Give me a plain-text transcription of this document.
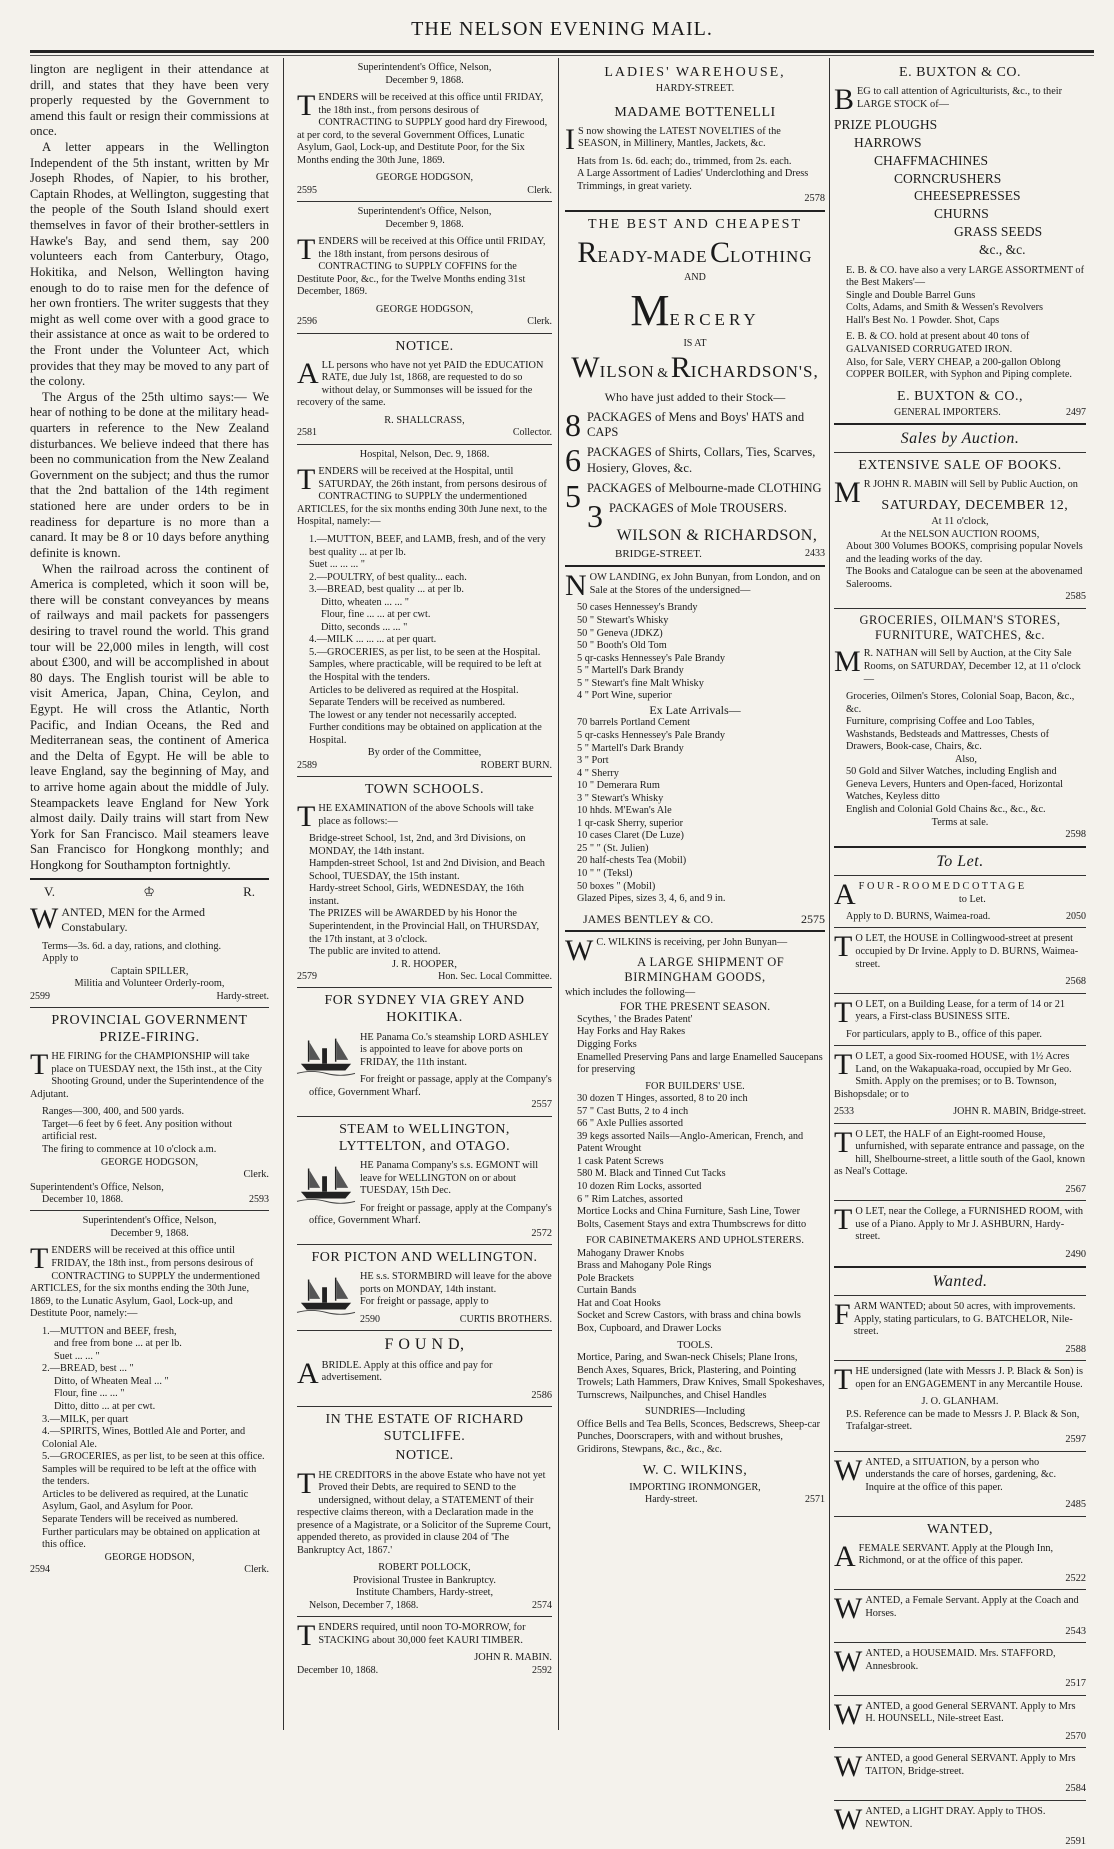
THE NELSON EVENING MAIL.

lington are negligent in their attendance at drill, and states that they have been very properly requested by the Government to amend this fault or resign their commissions at once.

A letter appears in the Wellington Independent of the 5th instant, written by Mr Joseph Rhodes, of Napier, to his brother, Captain Rhodes, at Wellington, suggesting that the people of the South Island should exert themselves in favor of their brother-settlers in Hawke's Bay, and send them, say 200 volunteers each from Canterbury, Otago, Hokitika, and Nelson, Wellington having enough to do to raise men for the defence of her own frontiers. The writer suggests that they might as well come over with a good grace to their assistance at once as wait to be ordered to the Front under the Volunteer Act, which provides that they may be moved to any part of the colony.

The Argus of the 25th ultimo says:— We hear of nothing to be done at the military head-quarters in reference to the New Zealand disturbances. We believe indeed that there has been no communication from the New Zealand Government on the subject; and thus the rumor that the 2nd battalion of the 14th regiment stationed here are under orders to be in readiness for departure is no more than a canard. It may be 8 or 10 days before anything definite is known.

When the railroad across the continent of America is completed, which it soon will be, there will be constant conveyances by means of railways and mail packets for passengers desiring to travel round the world. This grand tour will be 22,000 miles in length, will cost about £300, and will be accomplished in about 80 days. The English tourist will be able to visit America, Japan, China, Ceylon, and Egypt. He will cross the Atlantic, North Pacific, and Indian Oceans, the Red and Mediterranean seas, the continent of America and the Delta of Egypt. He will be able to leave England, say the beginning of May, and to arrive home again about the middle of July. Steampackets leave England for New York almost daily. Daily trains will start from New York for San Francisco. Mail steamers leave San Francisco for Hongkong monthly; and Hongkong for Southampton fortnightly.

V.	♔	R.
W ANTED, MEN for the Armed Constabulary.

Terms—3s. 6d. a day, rations, and clothing.

Apply to

Captain SPILLER,

Militia and Volunteer Orderly-room,

2599	Hardy-street.
PROVINCIAL GOVERNMENT PRIZE-FIRING.
T HE FIRING for the CHAMPIONSHIP will take place on TUESDAY next, the 15th inst., at the City Shooting Ground, under the Superintendence of the Adjutant.

Ranges—300, 400, and 500 yards.

Target—6 feet by 6 feet. Any position without artificial rest.

The firing to commence at 10 o'clock a.m.

GEORGE HODGSON,

Clerk.

Superintendent's Office, Nelson,

December 10, 1868.	2593

Superintendent's Office, Nelson,

December 9, 1868.

T ENDERS will be received at this office until FRIDAY, the 18th inst., from persons desirous of CONTRACTING to SUPPLY the undermentioned ARTICLES, for the six months ending the 30th June, 1869, to the Lunatic Asylum, Gaol, Lock-up, and Destitute Poor, namely:—

1.—MUTTON and BEEF, fresh,

and free from bone ... at per lb.

Suet ... ... "

2.—BREAD, best ... "

Ditto, of Wheaten Meal ... "

Flour, fine ... ... "

Ditto, ditto ... at per cwt.

3.—MILK, per quart

4.—SPIRITS, Wines, Bottled Ale and Porter, and Colonial Ale.

5.—GROCERIES, as per list, to be seen at this office.

Samples will be required to be left at the office with the tenders.

Articles to be delivered as required, at the Lunatic Asylum, Gaol, and Asylum for Poor.

Separate Tenders will be received as numbered. Further particulars may be obtained on application at this office.

GEORGE HODSON,

2594	Clerk.

Superintendent's Office, Nelson,

December 9, 1868.

T ENDERS will be received at this office until FRIDAY, the 18th inst., from persons desirous of CONTRACTING to SUPPLY good hard dry Firewood, at per cord, to the several Government Offices, Lunatic Asylum, Gaol, Lock-up, and Destitute Poor, for the Six Months ending the 30th June, 1869.

GEORGE HODGSON,

2595	Clerk.

Superintendent's Office, Nelson,

December 9, 1868.

T ENDERS will be received at this Office until FRIDAY, the 18th instant, from persons desirous of CONTRACTING to SUPPLY COFFINS for the Destitute Poor, &c., for the Twelve Months ending 31st December, 1869.

GEORGE HODGSON,

2596	Clerk.
NOTICE.
A LL persons who have not yet PAID the EDUCATION RATE, due July 1st, 1868, are requested to do so without delay, or Summonses will be issued for the recovery of the same.

R. SHALLCRASS,

2581	Collector.

Hospital, Nelson, Dec. 9, 1868.

T ENDERS will be received at the Hospital, until SATURDAY, the 26th instant, from persons desirous of CONTRACTING to SUPPLY the undermentioned ARTICLES, for the six months ending 30th June next, to the Hospital, namely:—

1.—MUTTON, BEEF, and LAMB, fresh, and of the very best quality ... at per lb.

Suet ... ... ... "

2.—POULTRY, of best quality... each.

3.—BREAD, best quality ... at per lb.

Ditto, wheaten ... ... "

Flour, fine ... ... at per cwt.

Ditto, seconds ... ... "

4.—MILK ... ... ... at per quart.

5.—GROCERIES, as per list, to be seen at the Hospital.

Samples, where practicable, will be required to be left at the Hospital with the tenders.

Articles to be delivered as required at the Hospital.

Separate Tenders will be received as numbered.

The lowest or any tender not necessarily accepted.

Further conditions may be obtained on application at the Hospital.

By order of the Committee,

2589	ROBERT BURN.
TOWN SCHOOLS.
T HE EXAMINATION of the above Schools will take place as follows:—

Bridge-street School, 1st, 2nd, and 3rd Divisions, on MONDAY, the 14th instant.

Hampden-street School, 1st and 2nd Division, and Beach School, TUESDAY, the 15th instant.

Hardy-street School, Girls, WEDNESDAY, the 16th instant.

The PRIZES will be AWARDED by his Honor the Superintendent, in the Provincial Hall, on THURSDAY, the 17th instant, at 3 o'clock.

The public are invited to attend.

J. R. HOOPER,

2579	Hon. Sec. Local Committee.
FOR SYDNEY VIA GREY AND HOKITIKA.
HE Panama Co.'s steamship LORD ASHLEY is appointed to leave for above ports on FRIDAY, the 11th instant.

For freight or passage, apply at the Company's office, Government Wharf.

2557

STEAM to WELLINGTON, LYTTELTON, and OTAGO.
HE Panama Company's s.s. EGMONT will leave for WELLINGTON on or about TUESDAY, 15th Dec.

For freight or passage, apply at the Company's office, Government Wharf.

2572

FOR PICTON AND WELLINGTON.
HE s.s. STORMBIRD will leave for the above ports on MONDAY, 14th instant.

For freight or passage, apply to

2590	CURTIS BROTHERS.
F O U N D,
A BRIDLE. Apply at this office and pay for advertisement.

2586

IN THE ESTATE OF RICHARD SUTCLIFFE.
NOTICE.
T HE CREDITORS in the above Estate who have not yet Proved their Debts, are required to SEND to the undersigned, without delay, a STATEMENT of their respective claims thereon, with a Declaration made in the presence of a Magistrate, or a Solicitor of the Supreme Court, appended thereto, as provided in clause 204 of 'The Bankruptcy Act, 1867.'

ROBERT POLLOCK,

Provisional Trustee in Bankruptcy.

Institute Chambers, Hardy-street,

Nelson, December 7, 1868.	2574
T ENDERS required, until noon TO-MORROW, for STACKING about 30,000 feet KAURI TIMBER.

JOHN R. MABIN.

December 10, 1868.	2592
LADIES' WAREHOUSE,

HARDY-STREET.

MADAME BOTTENELLI
I S now showing the LATEST NOVELTIES of the SEASON, in Millinery, Mantles, Jackets, &c.

Hats from 1s. 6d. each; do., trimmed, from 2s. each.

A Large Assortment of Ladies' Underclothing and Dress Trimmings, in great variety.

2578

THE BEST AND CHEAPEST
READY-MADE CLOTHING

AND

MERCERY

IS AT

WILSON & RICHARDSON'S,

Who have just added to their Stock—

8 PACKAGES of Mens and Boys' HATS and CAPS
6 PACKAGES of Shirts, Collars, Ties, Scarves, Hosiery, Gloves, &c.
5 PACKAGES of Melbourne-made CLOTHING
3 PACKAGES of Mole TROUSERS.
WILSON & RICHARDSON,
BRIDGE-STREET.	2433
N OW LANDING, ex John Bunyan, from London, and on Sale at the Stores of the undersigned—

50 cases Hennessey's Brandy

50 " Stewart's Whisky

50 " Geneva (JDKZ)

50 " Booth's Old Tom

5 qr-casks Hennessey's Pale Brandy

5 " Martell's Dark Brandy

5 " Stewart's fine Malt Whisky

4 " Port Wine, superior

Ex Late Arrivals—

70 barrels Portland Cement

5 qr-casks Hennessey's Pale Brandy

5 " Martell's Dark Brandy

3 " Port

4 " Sherry

10 " Demerara Rum

3 " Stewart's Whisky

10 hhds. M'Ewan's Ale

1 qr-cask Sherry, superior

10 cases Claret (De Luze)

25 " " (St. Julien)

20 half-chests Tea (Mobil)

10 " " (Teksl)

50 boxes " (Mobil)

Glazed Pipes, sizes 3, 4, 6, and 9 in.

JAMES BENTLEY & CO.	2575
W C. WILKINS is receiving, per John Bunyan—
A LARGE SHIPMENT OF BIRMINGHAM GOODS,

which includes the following—

FOR THE PRESENT SEASON.

Scythes, ' the Brades Patent'

Hay Forks and Hay Rakes

Digging Forks

Enamelled Preserving Pans and large Enamelled Saucepans for preserving

FOR BUILDERS' USE.

30 dozen T Hinges, assorted, 8 to 20 inch

57 " Cast Butts, 2 to 4 inch

66 " Axle Pullies assorted

39 kegs assorted Nails—Anglo-American, French, and Patent Wrought

1 cask Patent Screws

580 M. Black and Tinned Cut Tacks

10 dozen Rim Locks, assorted

6 " Rim Latches, assorted

Mortice Locks and China Furniture, Sash Line, Tower Bolts, Casement Stays and extra Thumbscrews for ditto

FOR CABINETMAKERS AND UPHOLSTERERS.

Mahogany Drawer Knobs

Brass and Mahogany Pole Rings

Pole Brackets

Curtain Bands

Hat and Coat Hooks

Socket and Screw Castors, with brass and china bowls

Box, Cupboard, and Drawer Locks

TOOLS.

Mortice, Paring, and Swan-neck Chisels; Plane Irons, Bench Axes, Squares, Brick, Plastering, and Pointing Trowels; Lath Hammers, Draw Knives, Small Spokeshaves, Turnscrews, Nailpunches, and Chisel Handles

SUNDRIES—Including

Office Bells and Tea Bells, Sconces, Bedscrews, Sheep-car Punches, Doorscrapers, with and without brushes, Gridirons, Stewpans, &c., &c., &c.

W. C. WILKINS,

IMPORTING IRONMONGER,

Hardy-street.	2571
E. BUXTON & CO.
B EG to call attention of Agriculturists, &c., to their LARGE STOCK of—

PRIZE PLOUGHS

HARROWS

CHAFFMACHINES

CORNCRUSHERS

CHEESEPRESSES

CHURNS

GRASS SEEDS

&c., &c.

E. B. & CO. have also a very LARGE ASSORTMENT of the Best Makers'—

Single and Double Barrel Guns

Colts, Adams, and Smith & Wessen's Revolvers

Hall's Best No. 1 Powder. Shot, Caps

E. B. & CO. hold at present about 40 tons of GALVANISED CORRUGATED IRON.

Also, for Sale, VERY CHEAP, a 200-gallon Oblong COPPER BOILER, with Syphon and Piping complete.

E. BUXTON & CO.,
GENERAL IMPORTERS.	2497
Sales by Auction.
EXTENSIVE SALE OF BOOKS.
M R JOHN R. MABIN will Sell by Public Auction, on
SATURDAY, DECEMBER 12,

At 11 o'clock,

At the NELSON AUCTION ROOMS,

About 300 Volumes BOOKS, comprising popular Novels and the leading works of the day.

The Books and Catalogue can be seen at the abovenamed Salerooms.

2585

GROCERIES, OILMAN'S STORES, FURNITURE, WATCHES, &c.
M R. NATHAN will Sell by Auction, at the City Sale Rooms, on SATURDAY, December 12, at 11 o'clock—

Groceries, Oilmen's Stores, Colonial Soap, Bacon, &c., &c.

Furniture, comprising Coffee and Loo Tables, Washstands, Bedsteads and Mattresses, Chests of Drawers, Book-case, Chairs, &c.

Also,

50 Gold and Silver Watches, including English and Geneva Levers, Hunters and Open-faced, Horizontal Watches, Keyless ditto

English and Colonial Gold Chains &c., &c., &c.

Terms at sale.

2598

To Let.
A F O U R - R O O M E D C O T T A G E

to Let.

Apply to D. BURNS, Waimea-road.	2050
T O LET, the HOUSE in Collingwood-street at present occupied by Dr Irvine. Apply to D. BURNS, Waimea-street.

2568

T O LET, on a Building Lease, for a term of 14 or 21 years, a First-class BUSINESS SITE.

For particulars, apply to B., office of this paper.

T O LET, a good Six-roomed HOUSE, with 1½ Acres Land, on the Wakapuaka-road, occupied by Mr Geo. Smith. Apply on the premises; or to B. Townson, Bishopsdale; or to
2533	JOHN R. MABIN, Bridge-street.
T O LET, the HALF of an Eight-roomed House, unfurnished, with separate entrance and passage, on the hill, Shelbourne-street, a little south of the Gaol, known as Neal's Cottage.

2567

T O LET, near the College, a FURNISHED ROOM, with use of a Piano. Apply to Mr J. ASHBURN, Hardy-street.

2490

Wanted.
FARM WANTED; about 50 acres, with improvements. Apply, stating particulars, to G. BATCHELOR, Nile-street.

2588

THE undersigned (late with Messrs J. P. Black & Son) is open for an ENGAGEMENT in any Mercantile House.

J. O. GLANHAM.

P.S. Reference can be made to Messrs J. P. Black & Son, Trafalgar-street.

2597

WANTED, a SITUATION, by a person who understands the care of horses, gardening, &c. Inquire at the office of this paper.

2485

WANTED,
AFEMALE SERVANT. Apply at the Plough Inn, Richmond, or at the office of this paper.

2522

WANTED, a Female Servant. Apply at the Coach and Horses.

2543

WANTED, a HOUSEMAID. Mrs. STAFFORD, Annesbrook.

2517

WANTED, a good General SERVANT. Apply to Mrs H. HOUNSELL, Nile-street East.

2570

WANTED, a good General SERVANT. Apply to Mrs TAITON, Bridge-street.

2584

WANTED, a LIGHT DRAY. Apply to THOS. NEWTON.

2591
